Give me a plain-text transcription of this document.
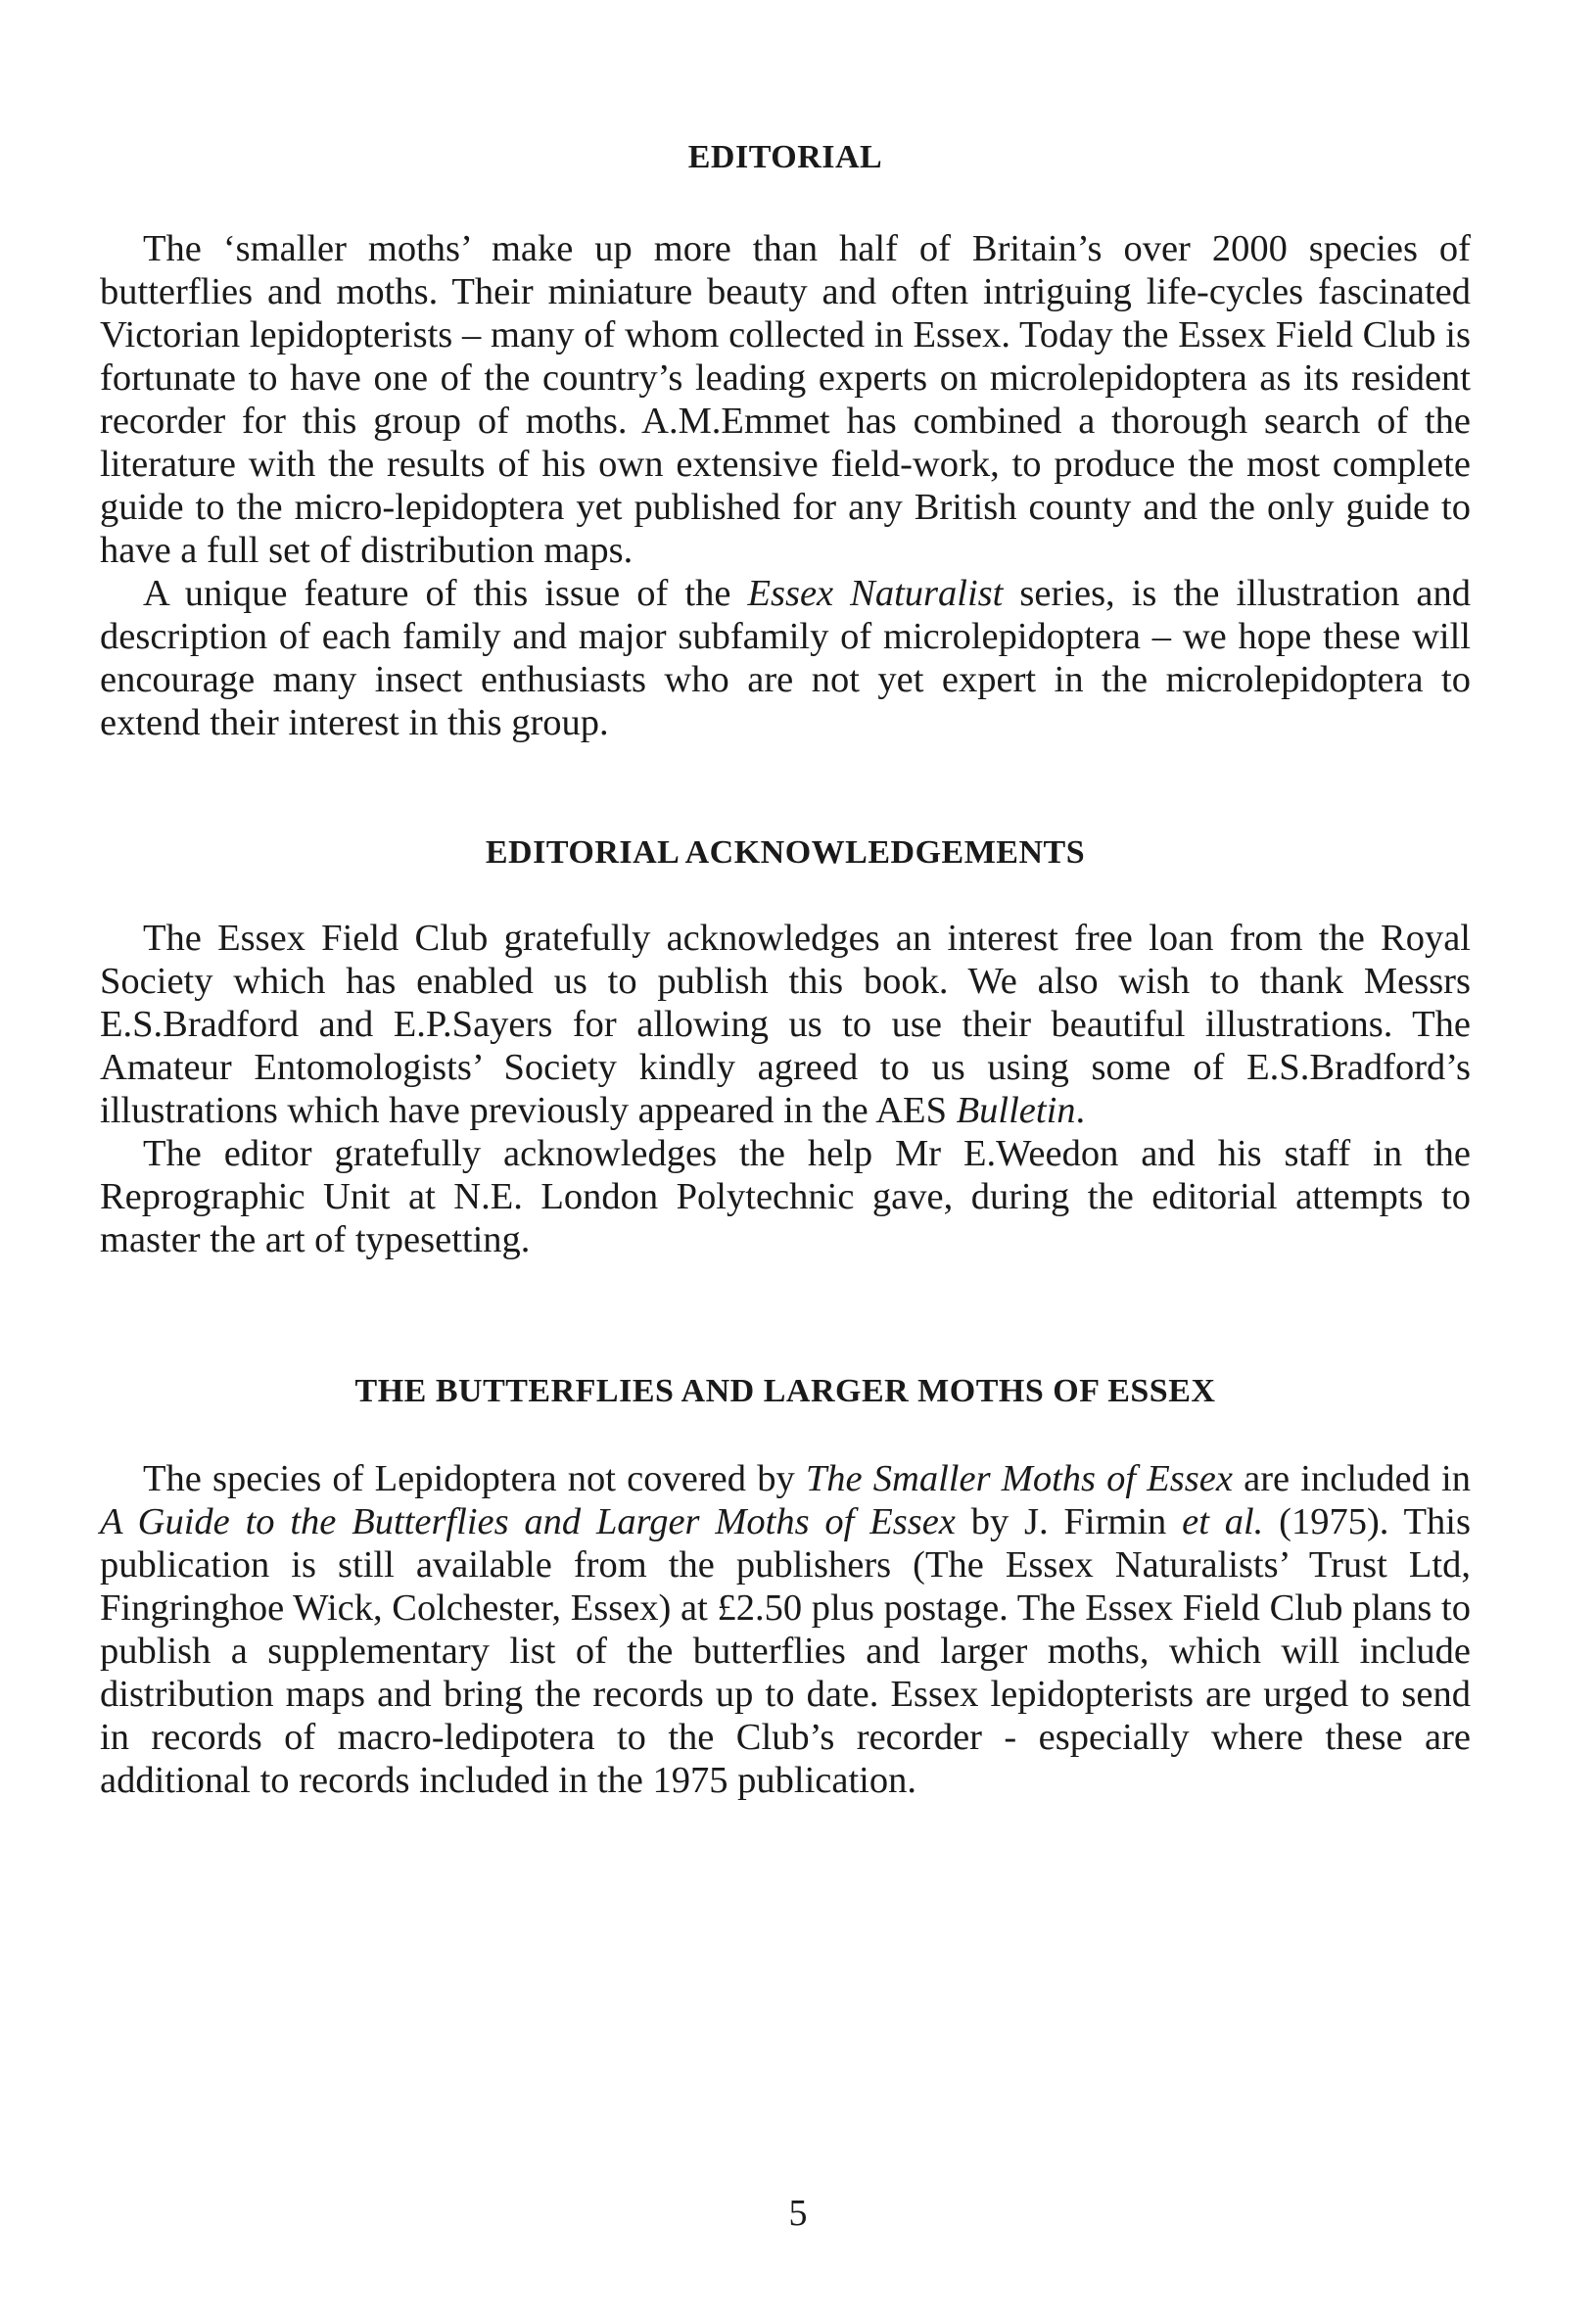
EDITORIAL

The ‘smaller moths’ make up more than half of Britain’s over 2000 species of butterflies and moths. Their miniature beauty and often intriguing life-cycles fascinated Victorian lepidopterists – many of whom collected in Essex. Today the Essex Field Club is fortunate to have one of the country’s leading experts on microlepidoptera as its resident recorder for this group of moths. A.M.Emmet has combined a thorough search of the literature with the results of his own extensive field-work, to produce the most complete guide to the micro-lepidoptera yet published for any British county and the only guide to have a full set of distribution maps.

A unique feature of this issue of the Essex Naturalist series, is the illustration and description of each family and major subfamily of microlepidoptera – we hope these will encourage many insect enthusiasts who are not yet expert in the microlepidoptera to extend their interest in this group.

EDITORIAL ACKNOWLEDGEMENTS

The Essex Field Club gratefully acknowledges an interest free loan from the Royal Society which has enabled us to publish this book. We also wish to thank Messrs E.S.Bradford and E.P.Sayers for allowing us to use their beautiful illustrations. The Amateur Entomologists’ Society kindly agreed to us using some of E.S.Bradford’s illustrations which have previously appeared in the AES Bulletin.

The editor gratefully acknowledges the help Mr E.Weedon and his staff in the Reprographic Unit at N.E. London Polytechnic gave, during the editorial attempts to master the art of typesetting.

THE BUTTERFLIES AND LARGER MOTHS OF ESSEX

The species of Lepidoptera not covered by The Smaller Moths of Essex are included in A Guide to the Butterflies and Larger Moths of Essex by J. Firmin et al. (1975). This publication is still available from the publishers (The Essex Naturalists’ Trust Ltd, Fingringhoe Wick, Colchester, Essex) at £2.50 plus postage. The Essex Field Club plans to publish a supplementary list of the butterflies and larger moths, which will include distribution maps and bring the records up to date. Essex lepidopterists are urged to send in records of macro-ledipotera to the Club’s recorder - especially where these are additional to records included in the 1975 publication.

5
